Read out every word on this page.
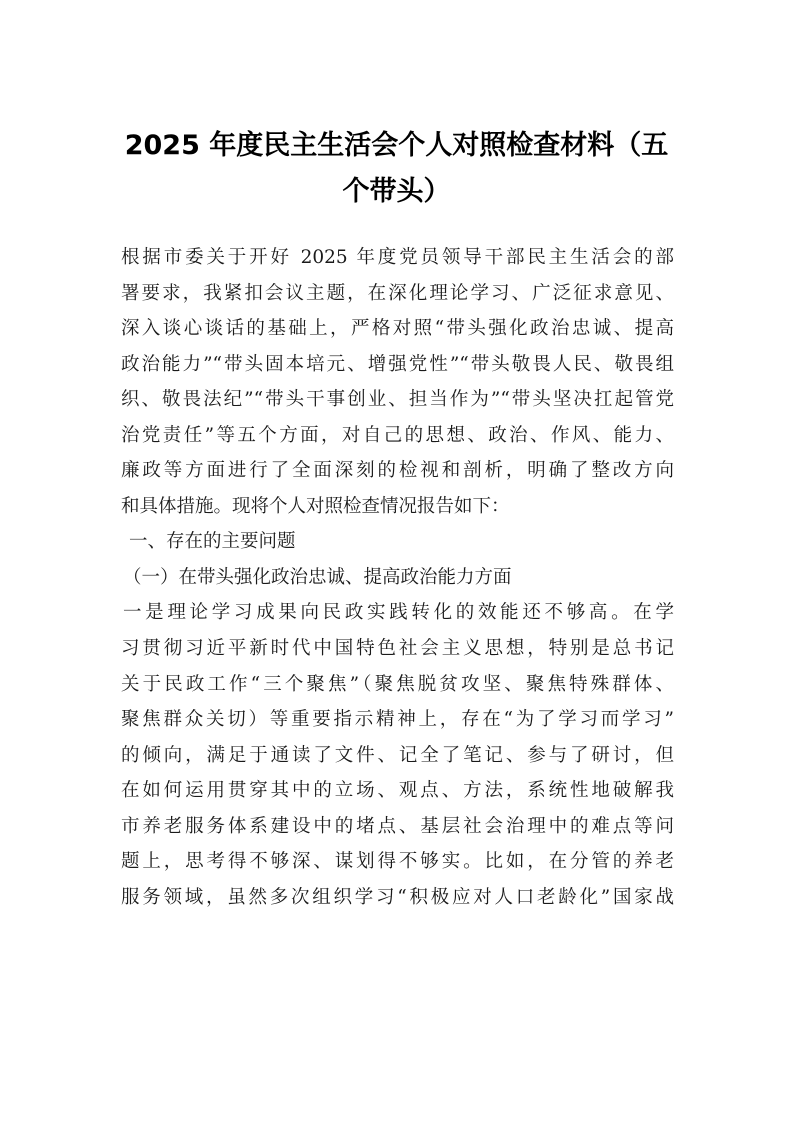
2025 年度民主生活会个人对照检查材料（五
个带头）
根据市委关于开好 2025 年度党员领导干部民主生活会的部
署要求，我紧扣会议主题，在深化理论学习、广泛征求意见、
深入谈心谈话的基础上，严格对照“带头强化政治忠诚、提高
政治能力”“带头固本培元、增强党性”“带头敬畏人民、敬畏组
织、敬畏法纪”“带头干事创业、担当作为”“带头坚决扛起管党
治党责任”等五个方面，对自己的思想、政治、作风、能力、
廉政等方面进行了全面深刻的检视和剖析，明确了整改方向
和具体措施。现将个人对照检查情况报告如下：
一、存在的主要问题
（一）在带头强化政治忠诚、提高政治能力方面
一是理论学习成果向民政实践转化的效能还不够高。在学
习贯彻习近平新时代中国特色社会主义思想，特别是总书记
关于民政工作“三个聚焦”（聚焦脱贫攻坚、聚焦特殊群体、
聚焦群众关切）等重要指示精神上，存在“为了学习而学习”
的倾向，满足于通读了文件、记全了笔记、参与了研讨，但
在如何运用贯穿其中的立场、观点、方法，系统性地破解我
市养老服务体系建设中的堵点、基层社会治理中的难点等问
题上，思考得不够深、谋划得不够实。比如，在分管的养老
服务领域，虽然多次组织学习“积极应对人口老龄化”国家战
